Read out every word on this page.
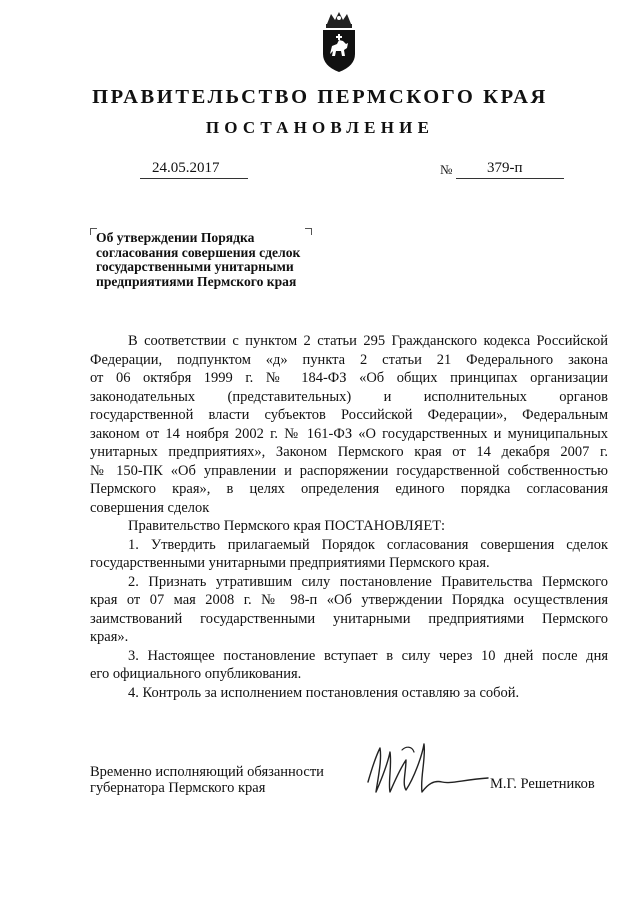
ПРАВИТЕЛЬСТВО ПЕРМСКОГО КРАЯ
ПОСТАНОВЛЕНИЕ
24.05.2017	№ 379-п
Об утверждении Порядка
согласования совершения сделок
государственными унитарными
предприятиями Пермского края
В соответствии с пунктом 2 статьи 295 Гражданского кодекса Российской
Федерации, подпунктом «д» пункта 2 статьи 21 Федерального закона
от 06 октября 1999 г. № 184-ФЗ «Об общих принципах организации
законодательных (представительных) и исполнительных органов
государственной власти субъектов Российской Федерации», Федеральным
законом от 14 ноября 2002 г. № 161-ФЗ «О государственных и муниципальных
унитарных предприятиях», Законом Пермского края от 14 декабря 2007 г.
№ 150-ПК «Об управлении и распоряжении государственной собственностью
Пермского края», в целях определения единого порядка согласования
совершения сделок
Правительство Пермского края ПОСТАНОВЛЯЕТ:
1. Утвердить прилагаемый Порядок согласования совершения сделок
государственными унитарными предприятиями Пермского края.
2. Признать утратившим силу постановление Правительства Пермского
края от 07 мая 2008 г. № 98-п «Об утверждении Порядка осуществления
заимствований государственными унитарными предприятиями Пермского
края».
3. Настоящее постановление вступает в силу через 10 дней после дня
его официального опубликования.
4. Контроль за исполнением постановления оставляю за собой.
Временно исполняющий обязанности
губернатора Пермского края	М.Г. Решетников
